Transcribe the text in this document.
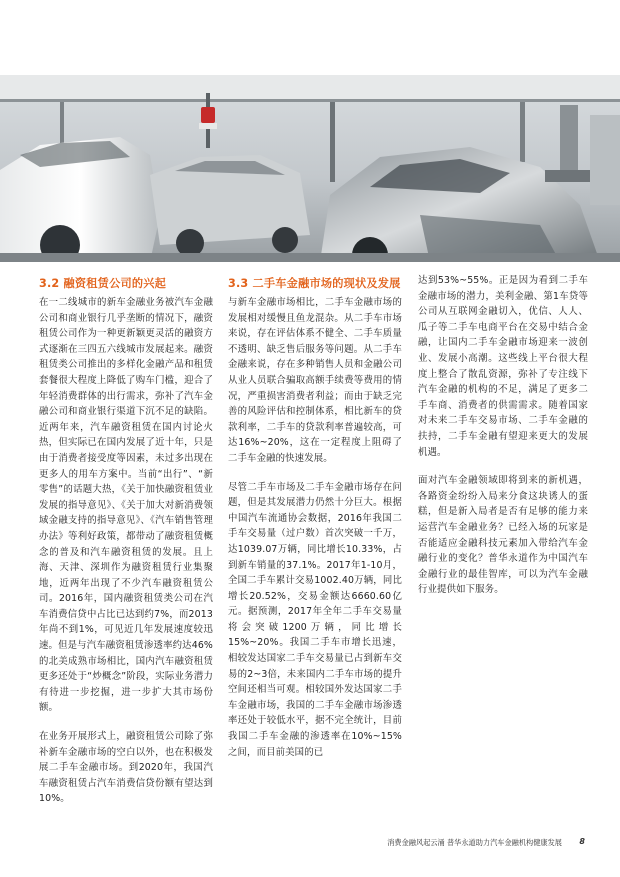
3.2 融资租赁公司的兴起

在一二线城市的新车金融业务被汽车金融公司和商业银行几乎垄断的情况下，融资租赁公司作为一种更新颖更灵活的融资方式逐渐在三四五六线城市发展起来。融资租赁类公司推出的多样化金融产品和租赁套餐很大程度上降低了购车门槛，迎合了年轻消费群体的出行需求，弥补了汽车金融公司和商业银行渠道下沉不足的缺陷。近两年来，汽车融资租赁在国内讨论火热，但实际已在国内发展了近十年，只是由于消费者接受度等因素，未过多出现在更多人的用车方案中。当前“出行”、“新零售”的话题大热，《关于加快融资租赁业发展的指导意见》、《关于加大对新消费领域金融支持的指导意见》、《汽车销售管理办法》等利好政策，都带动了融资租赁概念的普及和汽车融资租赁的发展。且上海、天津、深圳作为融资租赁行业集聚地，近两年出现了不少汽车融资租赁公司。2016年，国内融资租赁类公司在汽车消费信贷中占比已达到约7%，而2013年尚不到1%，可见近几年发展速度较迅速。但是与汽车融资租赁渗透率约达46%的北美成熟市场相比，国内汽车融资租赁更多还处于“炒概念”阶段，实际业务潜力有待进一步挖掘，进一步扩大其市场份额。

在业务开展形式上，融资租赁公司除了弥补新车金融市场的空白以外，也在积极发展二手车金融市场。到2020年，我国汽车融资租赁占汽车消费信贷份额有望达到10%。

3.3 二手车金融市场的现状及发展

与新车金融市场相比，二手车金融市场的发展相对缓慢且鱼龙混杂。从二手车市场来说，存在评估体系不健全、二手车质量不透明、缺乏售后服务等问题。从二手车金融来说，存在多种销售人员和金融公司从业人员联合骗取高额手续费等费用的情况，严重损害消费者利益；而由于缺乏完善的风险评估和控制体系，相比新车的贷款利率，二手车的贷款利率普遍较高，可达16%~20%，这在一定程度上阻碍了二手车金融的快速发展。

尽管二手车市场及二手车金融市场存在问题，但是其发展潜力仍然十分巨大。根据中国汽车流通协会数据，2016年我国二手车交易量（过户数）首次突破一千万，达1039.07万辆，同比增长10.33%，占到新车销量的37.1%。2017年1-10月，全国二手车累计交易1002.40万辆，同比增长20.52%，交易金额达6660.60亿元。据预测，2017年全年二手车交易量将会突破1200万辆，同比增长15%~20%。我国二手车市增长迅速，相较发达国家二手车交易量已占到新车交易的2~3倍，未来国内二手车市场的提升空间还相当可观。相较国外发达国家二手车金融市场，我国的二手车金融市场渗透率还处于较低水平，据不完全统计，目前我国二手车金融的渗透率在10%~15%之间，而目前美国的已

达到53%~55%。正是因为看到二手车金融市场的潜力，美利金融、第1车贷等公司从互联网金融切入，优信、人人、瓜子等二手车电商平台在交易中结合金融，让国内二手车金融市场迎来一波创业、发展小高潮。这些线上平台很大程度上整合了散乱资源，弥补了专注线下汽车金融的机构的不足，满足了更多二手车商、消费者的供需需求。随着国家对未来二手车交易市场、二手车金融的扶持，二手车金融有望迎来更大的发展机遇。

面对汽车金融领域即将到来的新机遇，各路资金纷纷入局来分食这块诱人的蛋糕，但是新入局者是否有足够的能力来运营汽车金融业务？已经入场的玩家是否能适应金融科技元素加入带给汽车金融行业的变化？普华永道作为中国汽车金融行业的最佳智库，可以为汽车金融行业提供如下服务。

消费金融风起云涌 普华永道助力汽车金融机构健康发展 8
